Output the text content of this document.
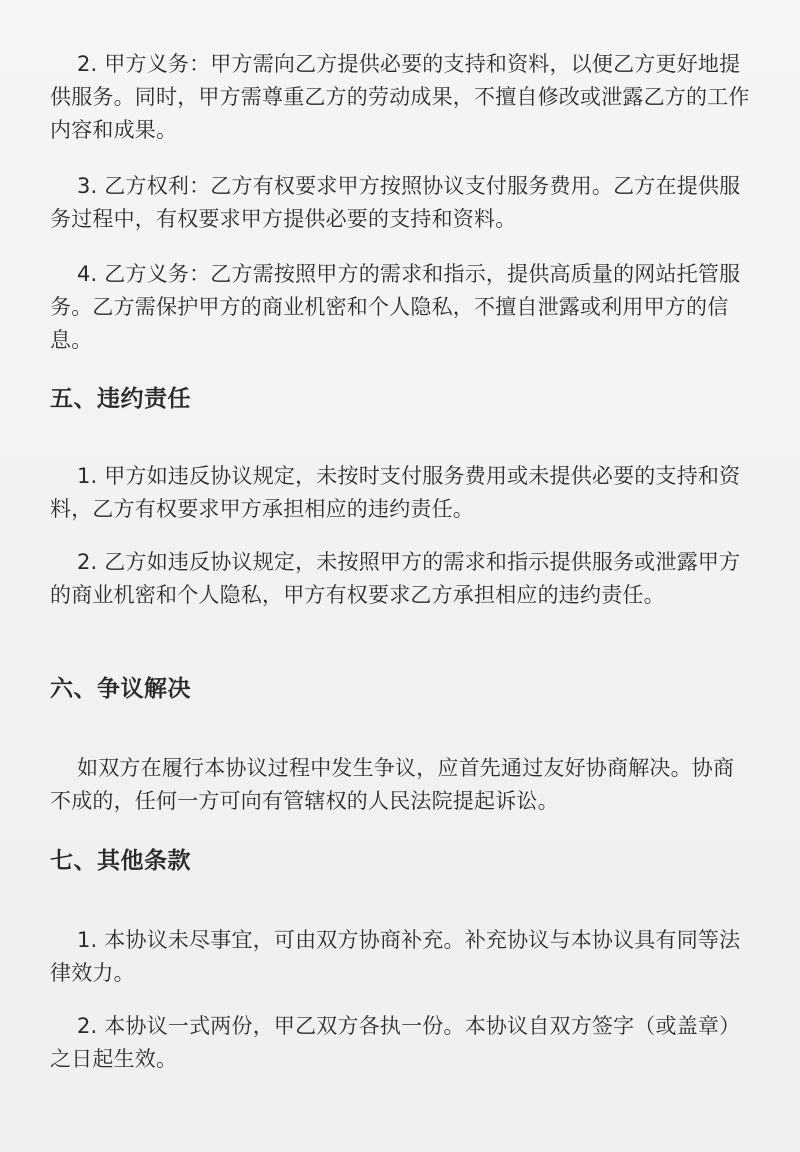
2. 甲方义务：甲方需向乙方提供必要的支持和资料，以便乙方更好地提供服务。同时，甲方需尊重乙方的劳动成果，不擅自修改或泄露乙方的工作内容和成果。

3. 乙方权利：乙方有权要求甲方按照协议支付服务费用。乙方在提供服务过程中，有权要求甲方提供必要的支持和资料。

4. 乙方义务：乙方需按照甲方的需求和指示，提供高质量的网站托管服务。乙方需保护甲方的商业机密和个人隐私，不擅自泄露或利用甲方的信息。

五、违约责任

1. 甲方如违反协议规定，未按时支付服务费用或未提供必要的支持和资料，乙方有权要求甲方承担相应的违约责任。

2. 乙方如违反协议规定，未按照甲方的需求和指示提供服务或泄露甲方的商业机密和个人隐私，甲方有权要求乙方承担相应的违约责任。

六、争议解决

如双方在履行本协议过程中发生争议，应首先通过友好协商解决。协商不成的，任何一方可向有管辖权的人民法院提起诉讼。

七、其他条款

1. 本协议未尽事宜，可由双方协商补充。补充协议与本协议具有同等法律效力。

2. 本协议一式两份，甲乙双方各执一份。本协议自双方签字（或盖章）之日起生效。
